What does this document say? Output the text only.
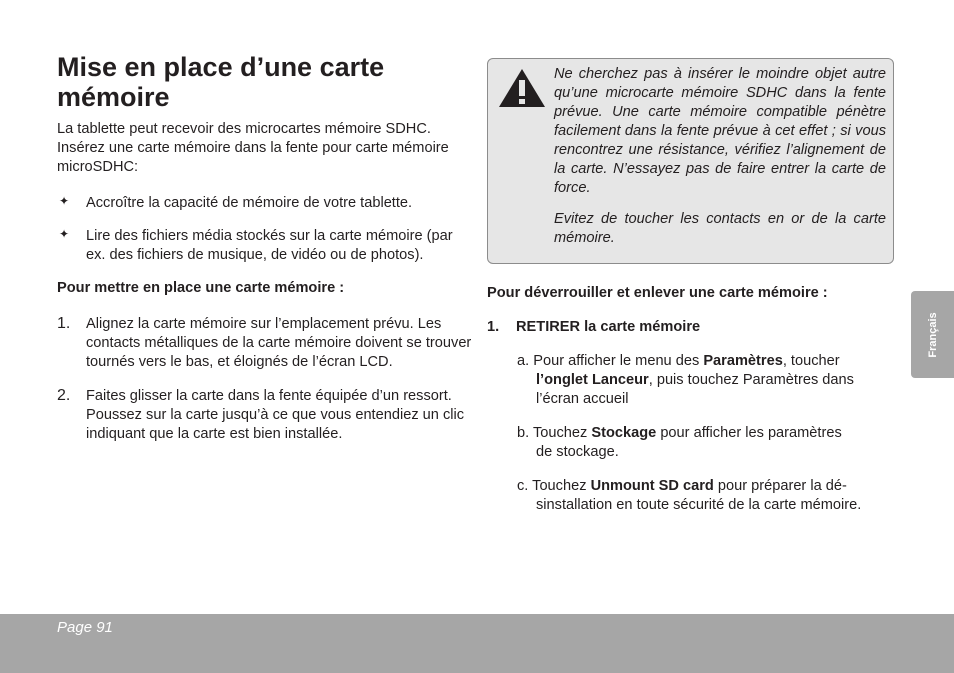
Mise en place d’une carte mémoire

La tablette peut recevoir des microcartes mémoire SDHC. Insérez une carte mémoire dans la fente pour carte mémoire microSDHC:

✦ Accroître la capacité de mémoire de votre tablette.

✦ Lire des fichiers média stockés sur la carte mémoire (par ex. des fichiers de musique, de vidéo ou de photos).

Pour mettre en place une carte mémoire :

1. Alignez la carte mémoire sur l’emplacement prévu. Les contacts métalliques de la carte mémoire doivent se trouver tournés vers le bas, et éloignés de l’écran LCD.

2. Faites glisser la carte dans la fente équipée d’un ressort. Poussez sur la carte jusqu’à ce que vous entendiez un clic indiquant que la carte est bien installée.

Ne cherchez pas à insérer le moindre objet autre qu’une microcarte mémoire SDHC dans la fente prévue. Une carte mémoire compatible pénètre facilement dans la fente prévue à cet effet ; si vous rencontrez une résistance, vérifiez l’alignement de la carte. N’essayez pas de faire entrer la carte de force.

Evitez de toucher les contacts en or de la carte mémoire.

Pour déverrouiller et enlever une carte mémoire :

1. RETIRER la carte mémoire

a. Pour afficher le menu des Paramètres, toucher
l’onglet Lanceur, puis touchez Paramètres dans l’écran accueil

b. Touchez Stockage pour afficher les paramètres
de stockage.

c. Touchez Unmount SD card pour préparer la dé-
sinstallation en toute sécurité de la carte mémoire.

Français
Page 91
